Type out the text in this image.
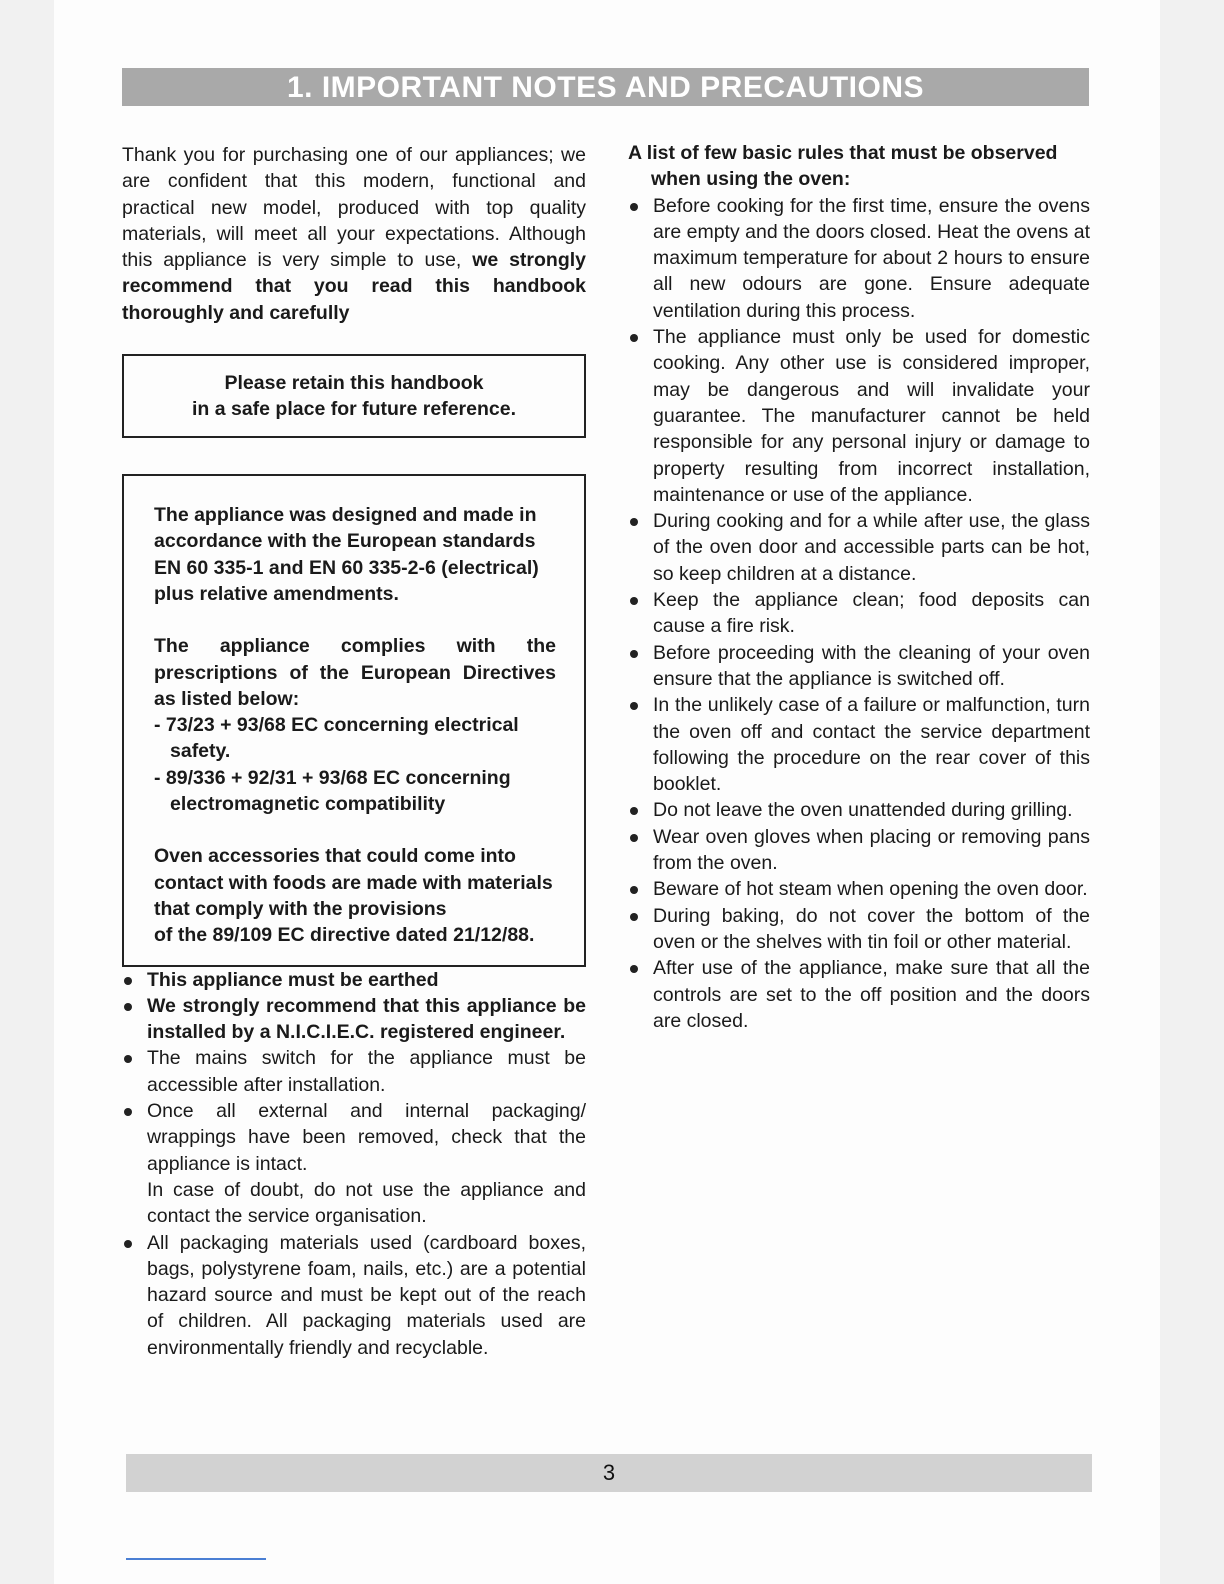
1. IMPORTANT NOTES AND PRECAUTIONS

Thank you for purchasing one of our appliances; we are confident that this modern, functional and practical new model, produced with top quality materials, will meet all your expectations. Although this appliance is very simple to use, we strongly recommend that you read this handbook thoroughly and carefully

Please retain this handbook
in a safe place for future reference.

The appliance was designed and made in accordance with the European standards EN 60 335-1 and EN 60 335-2-6 (electrical) plus relative amendments.

The appliance complies with the prescriptions of the European Directives as listed below:

- 73/23 + 93/68 EC concerning electrical safety.

- 89/336 + 92/31 + 93/68 EC concerning electromagnetic compatibility

Oven accessories that could come into contact with foods are made with materials that comply with the provisions

of the 89/109 EC directive dated 21/12/88.

This appliance must be earthed
We strongly recommend that this appliance be installed by a N.I.C.I.E.C. registered engineer.
The mains switch for the appliance must be accessible after installation.
Once all external and internal packaging/ wrappings have been removed, check that the appliance is intact.
In case of doubt, do not use the appliance and contact the service organisation.
All packaging materials used (cardboard boxes, bags, polystyrene foam, nails, etc.) are a potential hazard source and must be kept out of the reach of children. All packaging materials used are environmentally friendly and recyclable.

A list of few basic rules that must be observed when using the oven:

Before cooking for the first time, ensure the ovens are empty and the doors closed. Heat the ovens at maximum temperature for about 2 hours to ensure all new odours are gone. Ensure adequate ventilation during this process.
The appliance must only be used for domestic cooking. Any other use is considered improper, may be dangerous and will invalidate your guarantee. The manufacturer cannot be held responsible for any personal injury or damage to property resulting from incorrect installation, maintenance or use of the appliance.
During cooking and for a while after use, the glass of the oven door and accessible parts can be hot, so keep children at a distance.
Keep the appliance clean; food deposits can cause a fire risk.
Before proceeding with the cleaning of your oven ensure that the appliance is switched off.
In the unlikely case of a failure or malfunction, turn the oven off and contact the service department following the procedure on the rear cover of this booklet.
Do not leave the oven unattended during grilling.
Wear oven gloves when placing or removing pans from the oven.
Beware of hot steam when opening the oven door.
During baking, do not cover the bottom of the oven or the shelves with tin foil or other material.
After use of the appliance, make sure that all the controls are set to the off position and the doors are closed.
3
